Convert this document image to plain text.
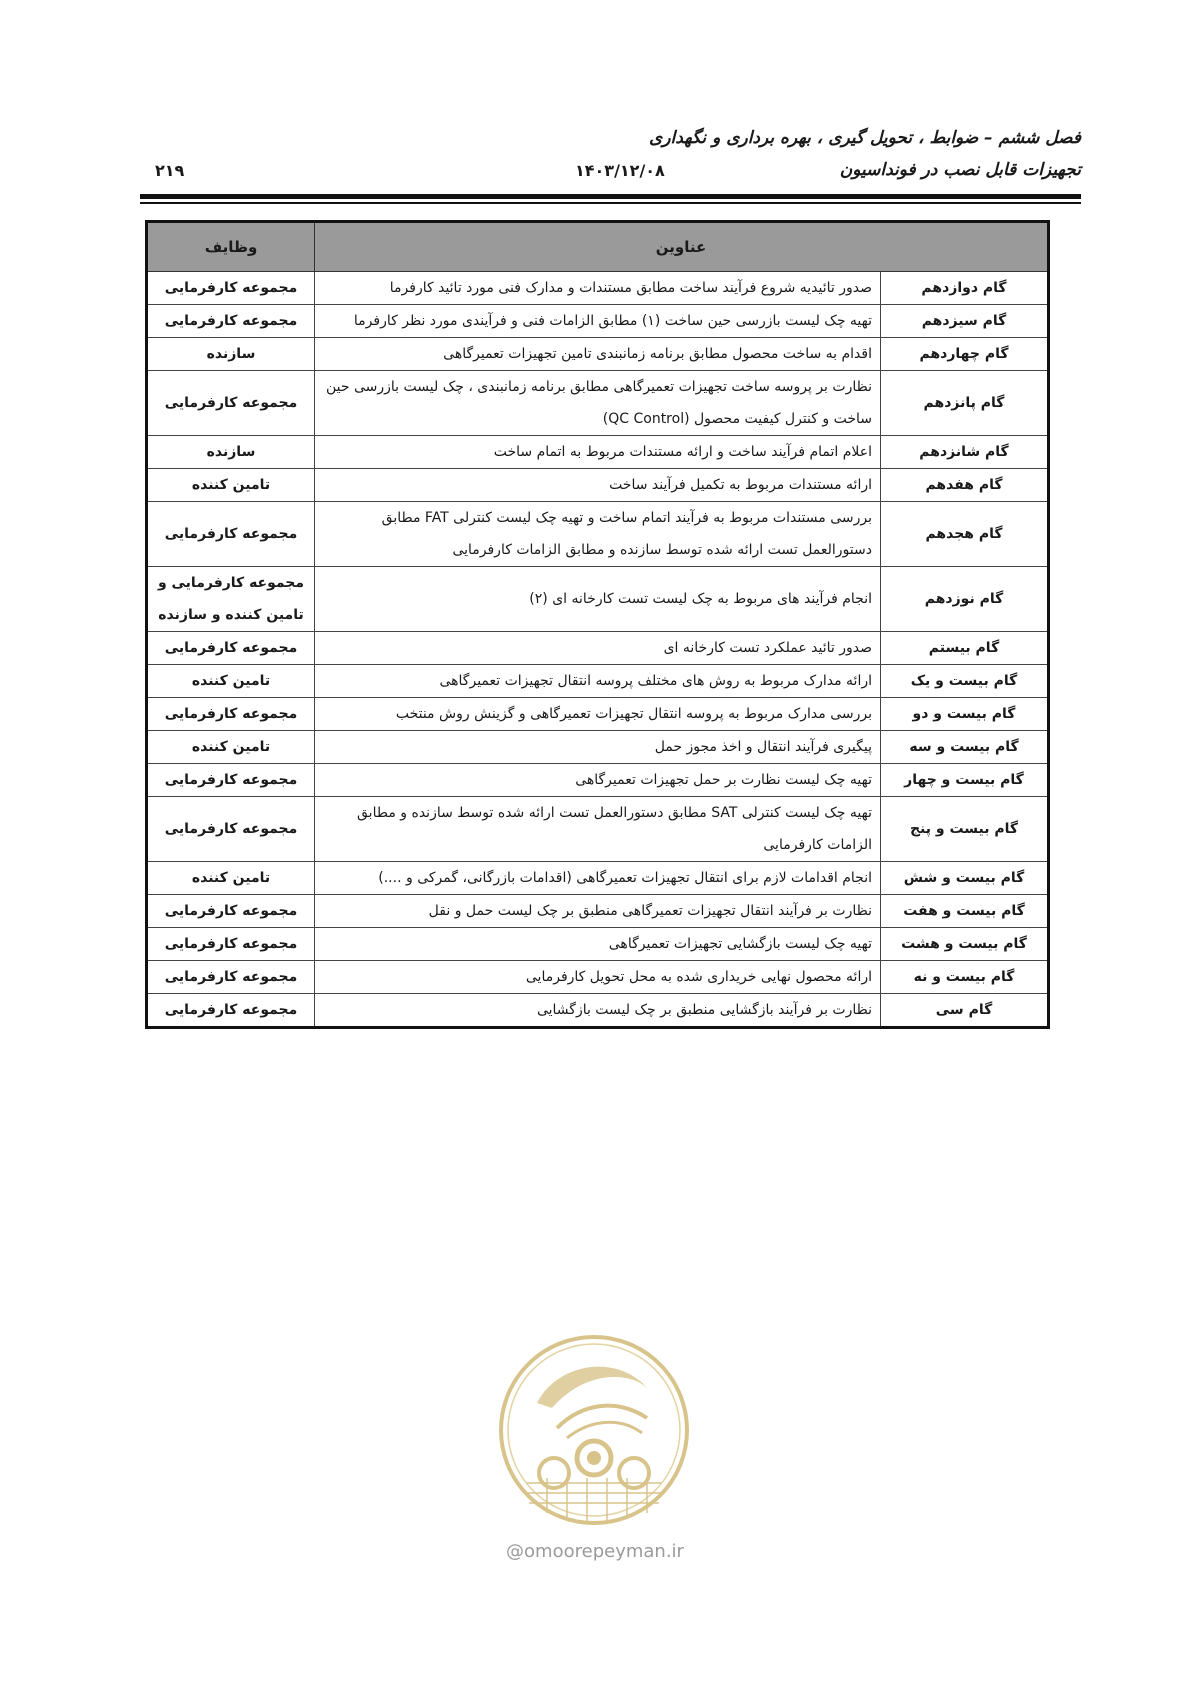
فصل ششم – ضوابط ، تحویل گیری ، بهره برداری و نگهداری
تجهیزات قابل نصب در فونداسیون
۱۴۰۳/۱۲/۰۸
۲۱۹
عناوین		وظایف
گام دوازدهم	صدور تائیدیه شروع فرآیند ساخت مطابق مستندات و مدارک فنی مورد تائید کارفرما	مجموعه کارفرمایی
گام سیزدهم	تهیه چک لیست بازرسی حین ساخت (۱) مطابق الزامات فنی و فرآیندی مورد نظر کارفرما	مجموعه کارفرمایی
گام چهاردهم	اقدام به ساخت محصول مطابق برنامه زمانبندی تامین تجهیزات تعمیرگاهی	سازنده
گام پانزدهم	نظارت بر پروسه ساخت تجهیزات تعمیرگاهی مطابق برنامه زمانبندی ، چک لیست بازرسی حین ساخت و کنترل کیفیت محصول (QC Control)	مجموعه کارفرمایی
گام شانزدهم	اعلام اتمام فرآیند ساخت و ارائه مستندات مربوط به اتمام ساخت	سازنده
گام هفدهم	ارائه مستندات مربوط به تکمیل فرآیند ساخت	تامین کننده
گام هجدهم	بررسی مستندات مربوط به فرآیند اتمام ساخت و تهیه چک لیست کنترلی FAT مطابق دستورالعمل تست ارائه شده توسط سازنده و مطابق الزامات کارفرمایی	مجموعه کارفرمایی
گام نوزدهم	انجام فرآیند های مربوط به چک لیست تست کارخانه ای (۲)	مجموعه کارفرمایی و تامین کننده و سازنده
گام بیستم	صدور تائید عملکرد تست کارخانه ای	مجموعه کارفرمایی
گام بیست و یک	ارائه مدارک مربوط به روش های مختلف پروسه انتقال تجهیزات تعمیرگاهی	تامین کننده
گام بیست و دو	بررسی مدارک مربوط به پروسه انتقال تجهیزات تعمیرگاهی و گزینش روش منتخب	مجموعه کارفرمایی
گام بیست و سه	پیگیری فرآیند انتقال و اخذ مجوز حمل	تامین کننده
گام بیست و چهار	تهیه چک لیست نظارت بر حمل تجهیزات تعمیرگاهی	مجموعه کارفرمایی
گام بیست و پنج	تهیه چک لیست کنترلی SAT مطابق دستورالعمل تست ارائه شده توسط سازنده و مطابق الزامات کارفرمایی	مجموعه کارفرمایی
گام بیست و شش	انجام اقدامات لازم برای انتقال تجهیزات تعمیرگاهی (اقدامات بازرگانی، گمرکی و ....)	تامین کننده
گام بیست و هفت	نظارت بر فرآیند انتقال تجهیزات تعمیرگاهی منطبق بر چک لیست حمل و نقل	مجموعه کارفرمایی
گام بیست و هشت	تهیه چک لیست بازگشایی تجهیزات تعمیرگاهی	مجموعه کارفرمایی
گام بیست و نه	ارائه محصول نهایی خریداری شده به محل تحویل کارفرمایی	مجموعه کارفرمایی
گام سی	نظارت بر فرآیند بازگشایی منطبق بر چک لیست بازگشایی	مجموعه کارفرمایی
@omoorepeyman.ir
